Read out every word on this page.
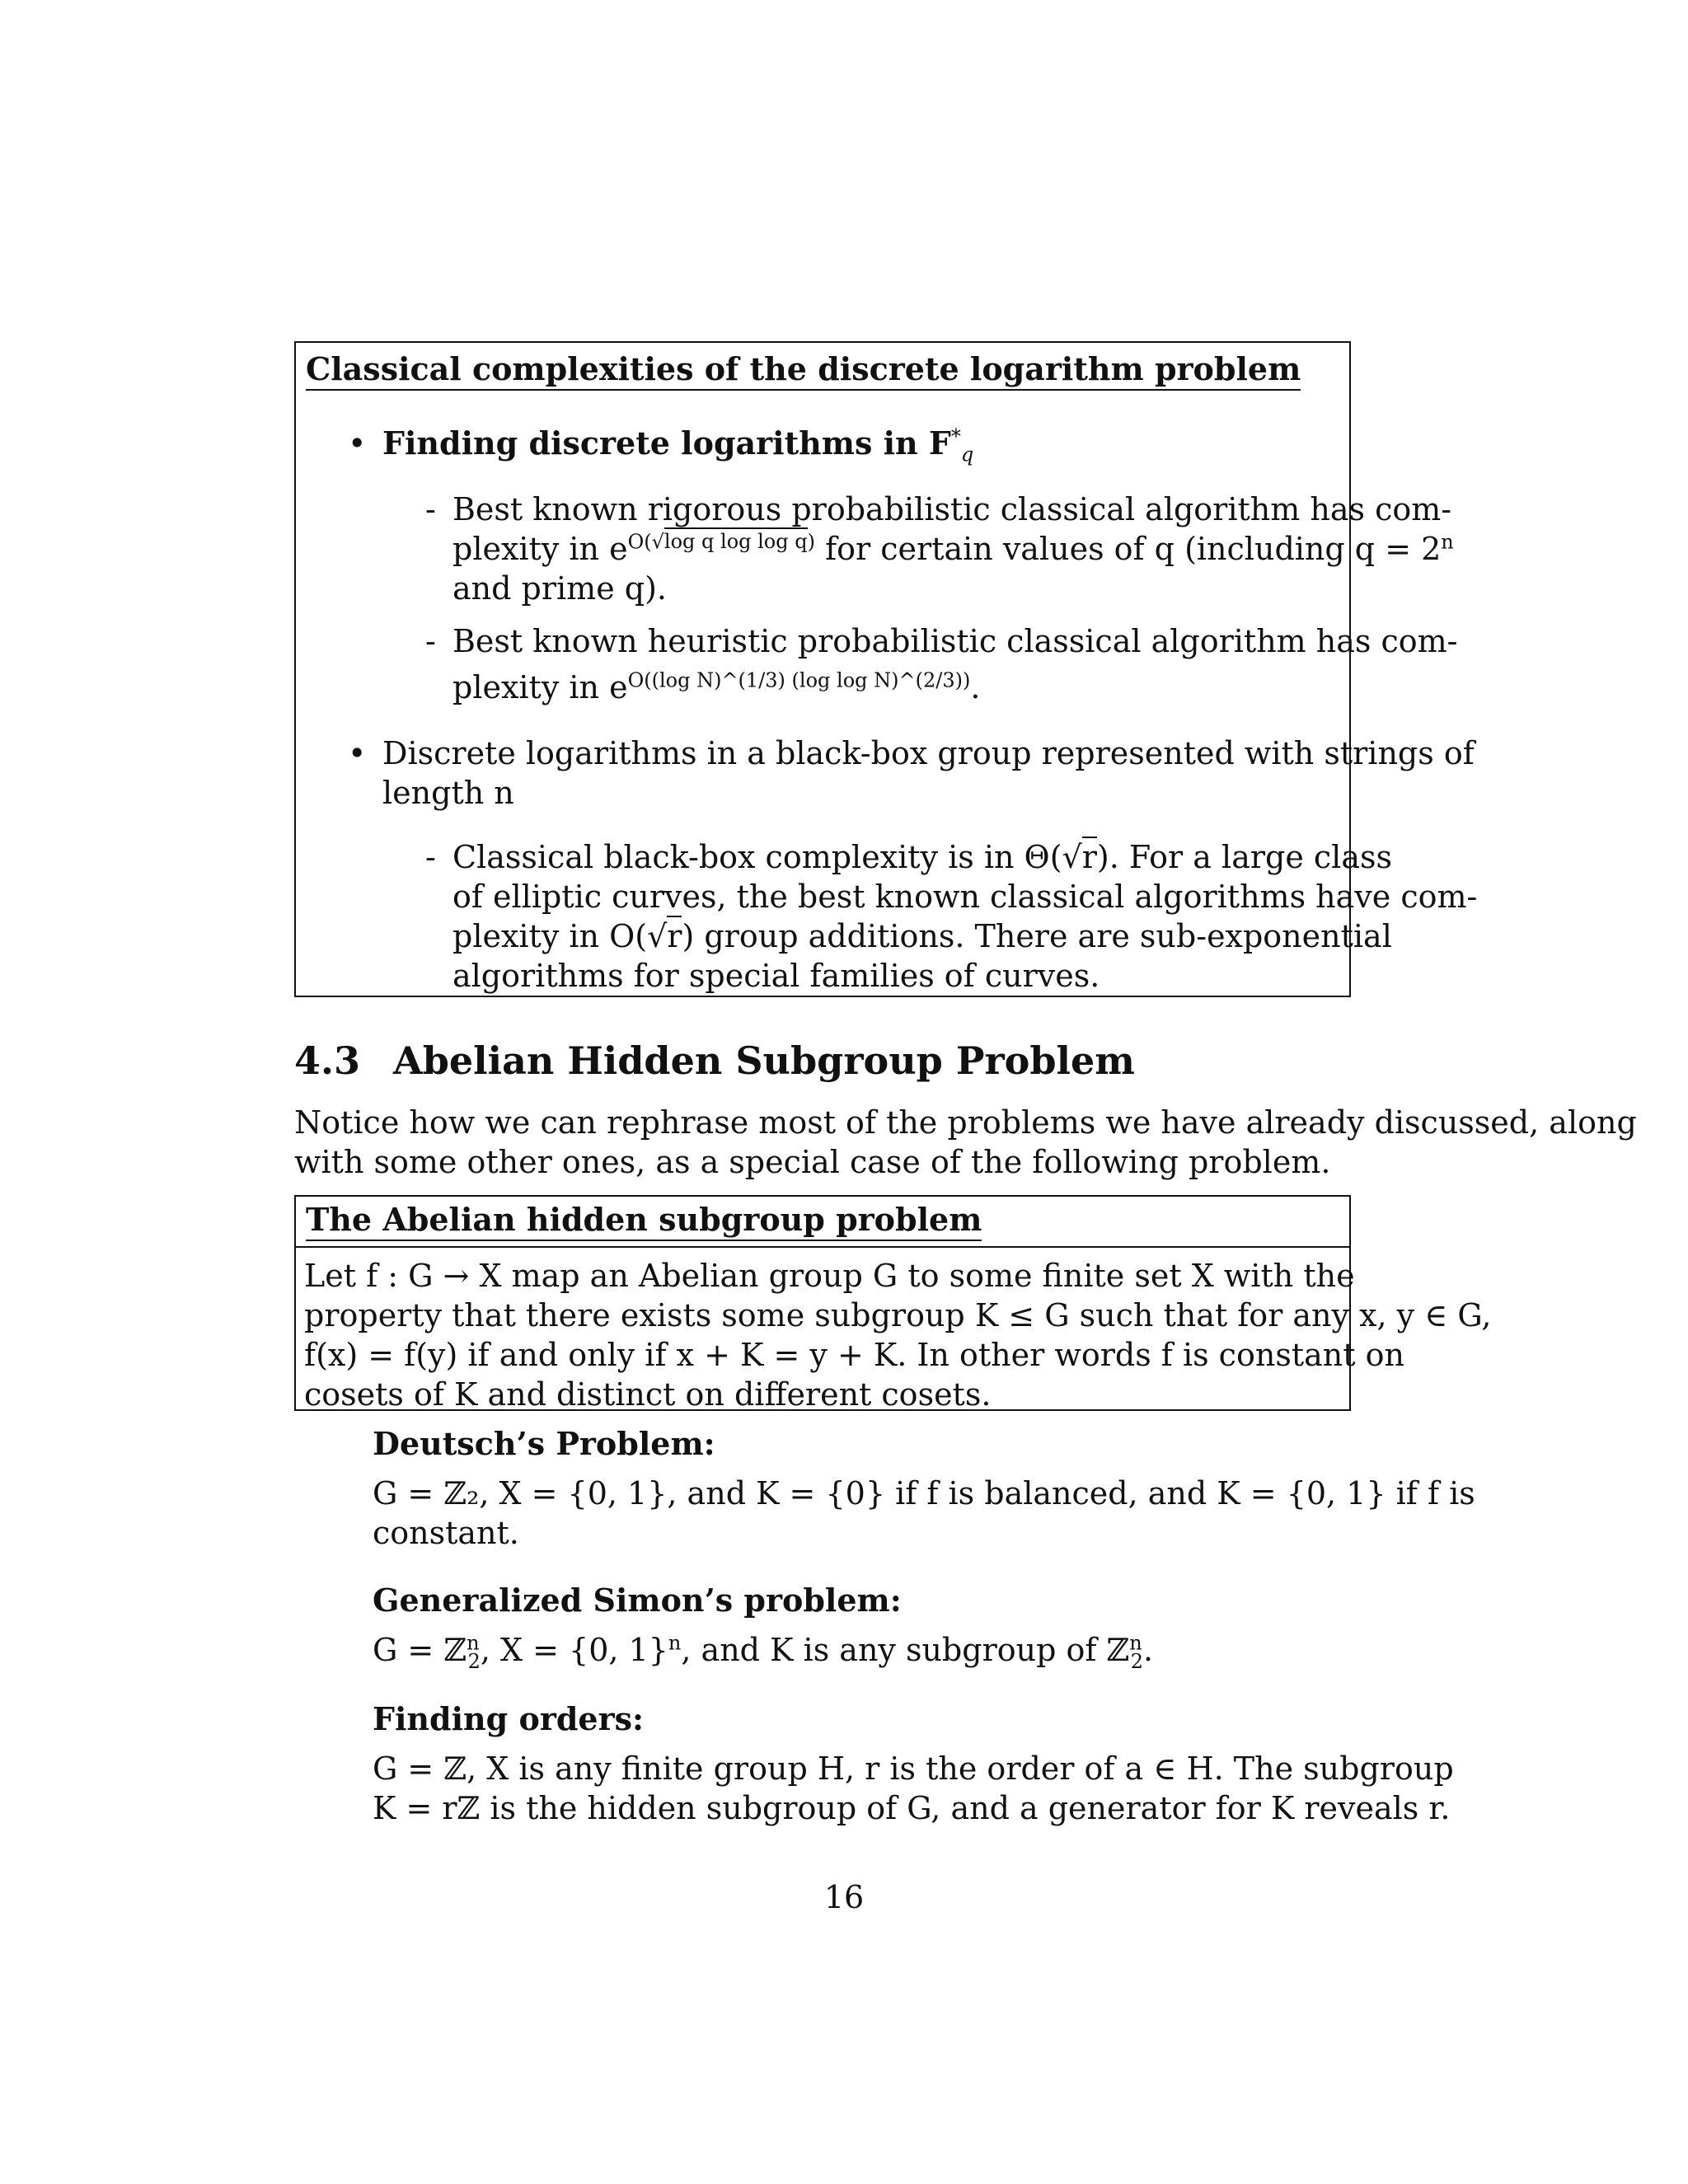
Classical complexities of the discrete logarithm problem
• Finding discrete logarithms in $F^*_q$
- Best known rigorous probabilistic classical algorithm has com-
plexity in $e^{O(√log q log log q)}$ for certain values of q (including $q = 2^n$
and prime q).
- Best known heuristic probabilistic classical algorithm has com-
plexity in $e^{O((log N)\^{}(1/3) (log log N)\^{}(2/3))}$.
• Discrete logarithms in a black-box group represented with strings of
length n
- Classical black-box complexity is in Θ(√r). For a large class
of elliptic curves, the best known classical algorithms have com-
plexity in O(√r) group additions. There are sub-exponential
algorithms for special families of curves.
4.3 Abelian Hidden Subgroup Problem
Notice how we can rephrase most of the problems we have already discussed, along
with some other ones, as a special case of the following problem.
The Abelian hidden subgroup problem
Let f : G → X map an Abelian group G to some finite set X with the
property that there exists some subgroup K ≤ G such that for any x, y ∈ G,
f(x) = f(y) if and only if x + K = y + K. In other words f is constant on
cosets of K and distinct on different cosets.
Deutsch’s Problem:
G = ℤ₂, X = {0, 1}, and K = {0} if f is balanced, and K = {0, 1} if f is
constant.
Generalized Simon’s problem:
G = ℤ$^n_2$, X = {0, 1}$^n$, and K is any subgroup of ℤ$^n_2$.
Finding orders:
G = ℤ, X is any finite group H, r is the order of a ∈ H. The subgroup
K = rℤ is the hidden subgroup of G, and a generator for K reveals r.
16
